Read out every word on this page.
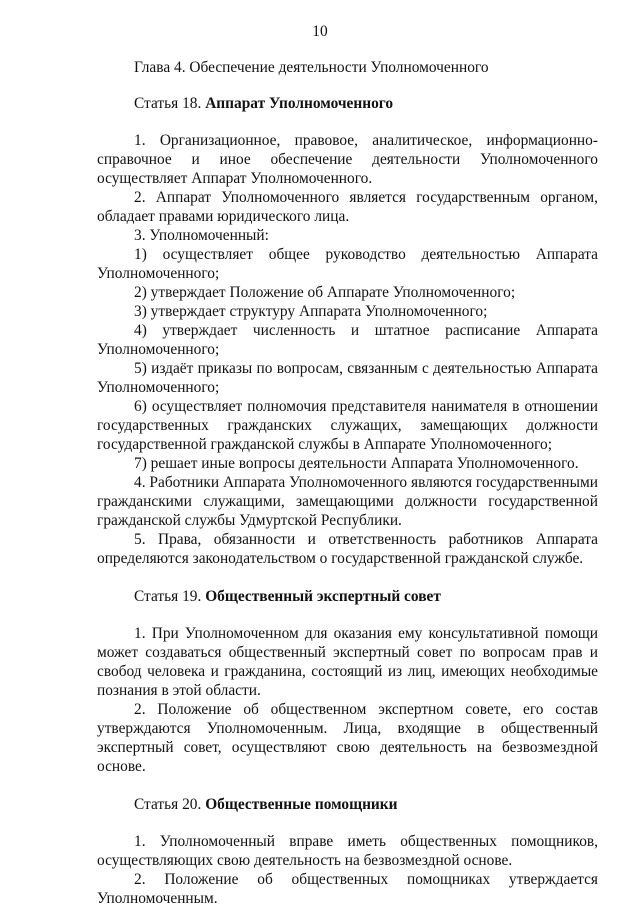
10
Глава 4. Обеспечение деятельности Уполномоченного
Статья 18. Аппарат Уполномоченного

1. Организационное, правовое, аналитическое, информационно-справочное и иное обеспечение деятельности Уполномоченного осуществляет Аппарат Уполномоченного.

2. Аппарат Уполномоченного является государственным органом, обладает правами юридического лица.

3. Уполномоченный:

1) осуществляет общее руководство деятельностью Аппарата Уполномоченного;

2) утверждает Положение об Аппарате Уполномоченного;

3) утверждает структуру Аппарата Уполномоченного;

4) утверждает численность и штатное расписание Аппарата Уполномоченного;

5) издаёт приказы по вопросам, связанным с деятельностью Аппарата Уполномоченного;

6) осуществляет полномочия представителя нанимателя в отношении государственных гражданских служащих, замещающих должности государственной гражданской службы в Аппарате Уполномоченного;

7) решает иные вопросы деятельности Аппарата Уполномоченного.

4. Работники Аппарата Уполномоченного являются государственными гражданскими служащими, замещающими должности государственной гражданской службы Удмуртской Республики.

5. Права, обязанности и ответственность работников Аппарата определяются законодательством о государственной гражданской службе.

Статья 19. Общественный экспертный совет

1. При Уполномоченном для оказания ему консультативной помощи может создаваться общественный экспертный совет по вопросам прав и свобод человека и гражданина, состоящий из лиц, имеющих необходимые познания в этой области.

2. Положение об общественном экспертном совете, его состав утверждаются Уполномоченным. Лица, входящие в общественный экспертный совет, осуществляют свою деятельность на безвозмездной основе.

Статья 20. Общественные помощники

1. Уполномоченный вправе иметь общественных помощников, осуществляющих свою деятельность на безвозмездной основе.

2. Положение об общественных помощниках утверждается Уполномоченным.
